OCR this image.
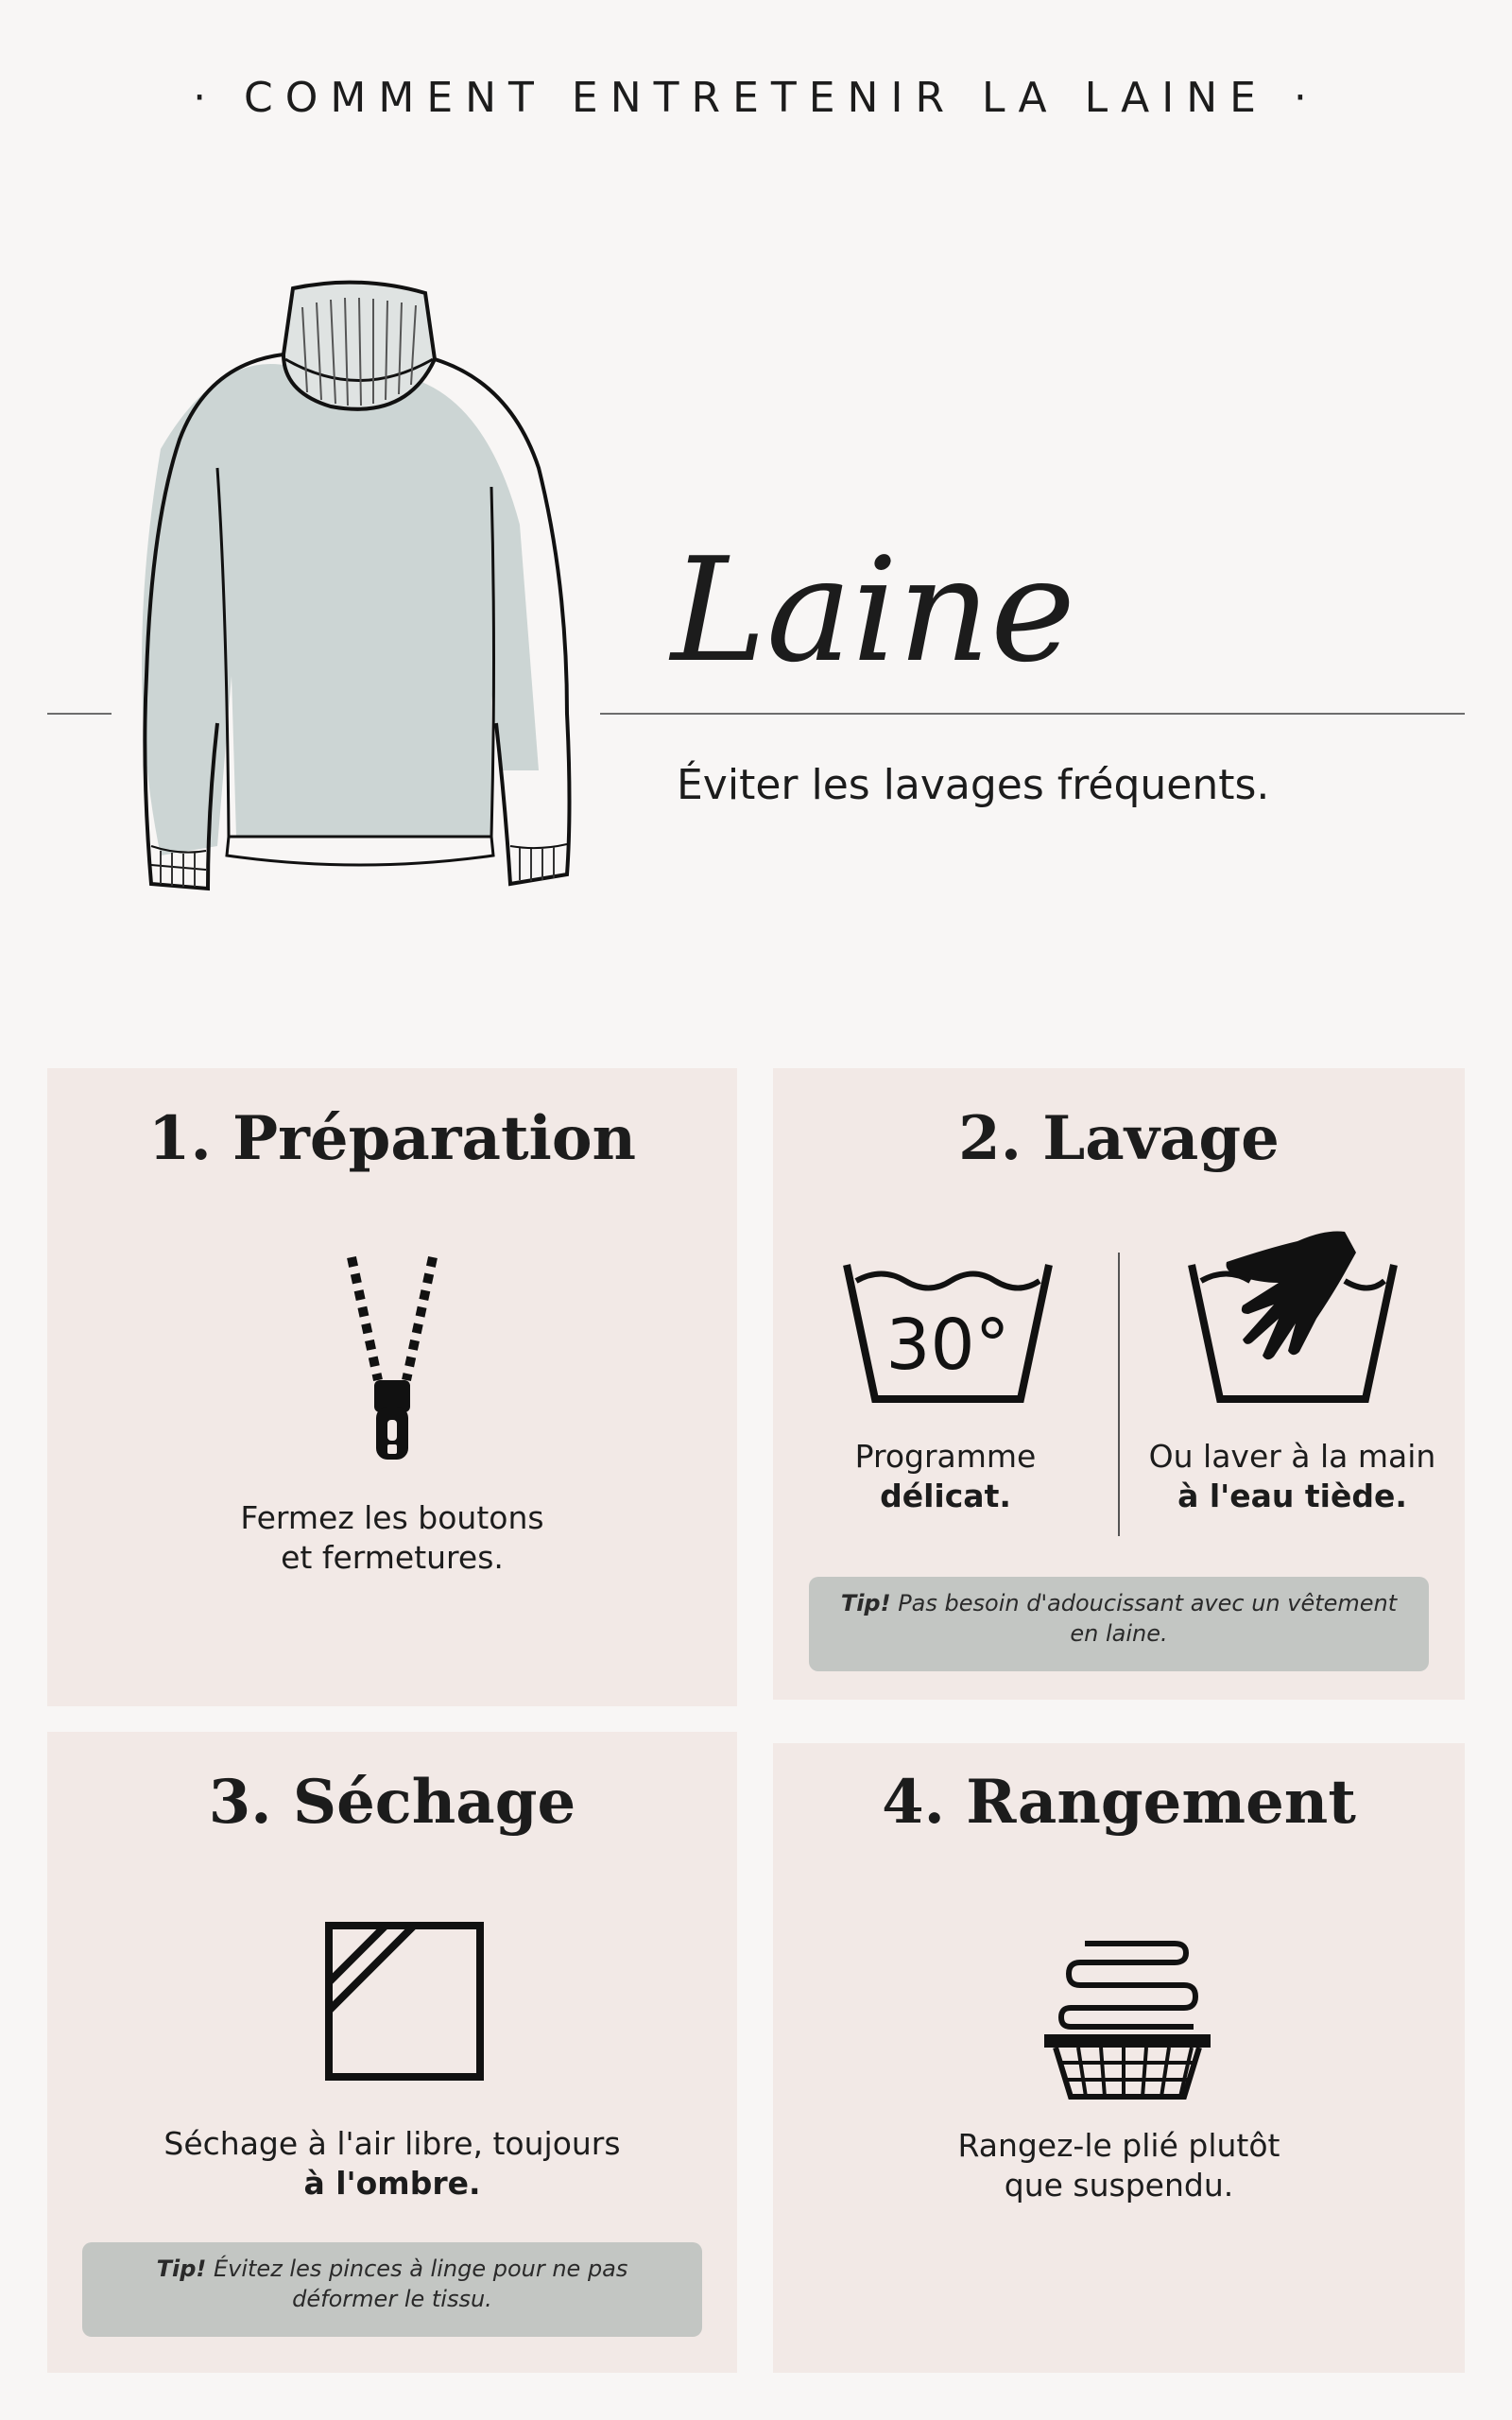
· COMMENT ENTRETENIR LA LAINE ·
Laine
Éviter les lavages fréquents.
1. Préparation
Fermez les boutons
et fermetures.
2. Lavage
30°
Programme
délicat.
Ou laver à la main
à l'eau tiède.
Tip! Pas besoin d'adoucissant avec un vêtement en laine.
3. Séchage
Séchage à l'air libre, toujours
à l'ombre.
Tip! Évitez les pinces à linge pour ne pas déformer le tissu.
4. Rangement
Rangez-le plié plutôt
que suspendu.
